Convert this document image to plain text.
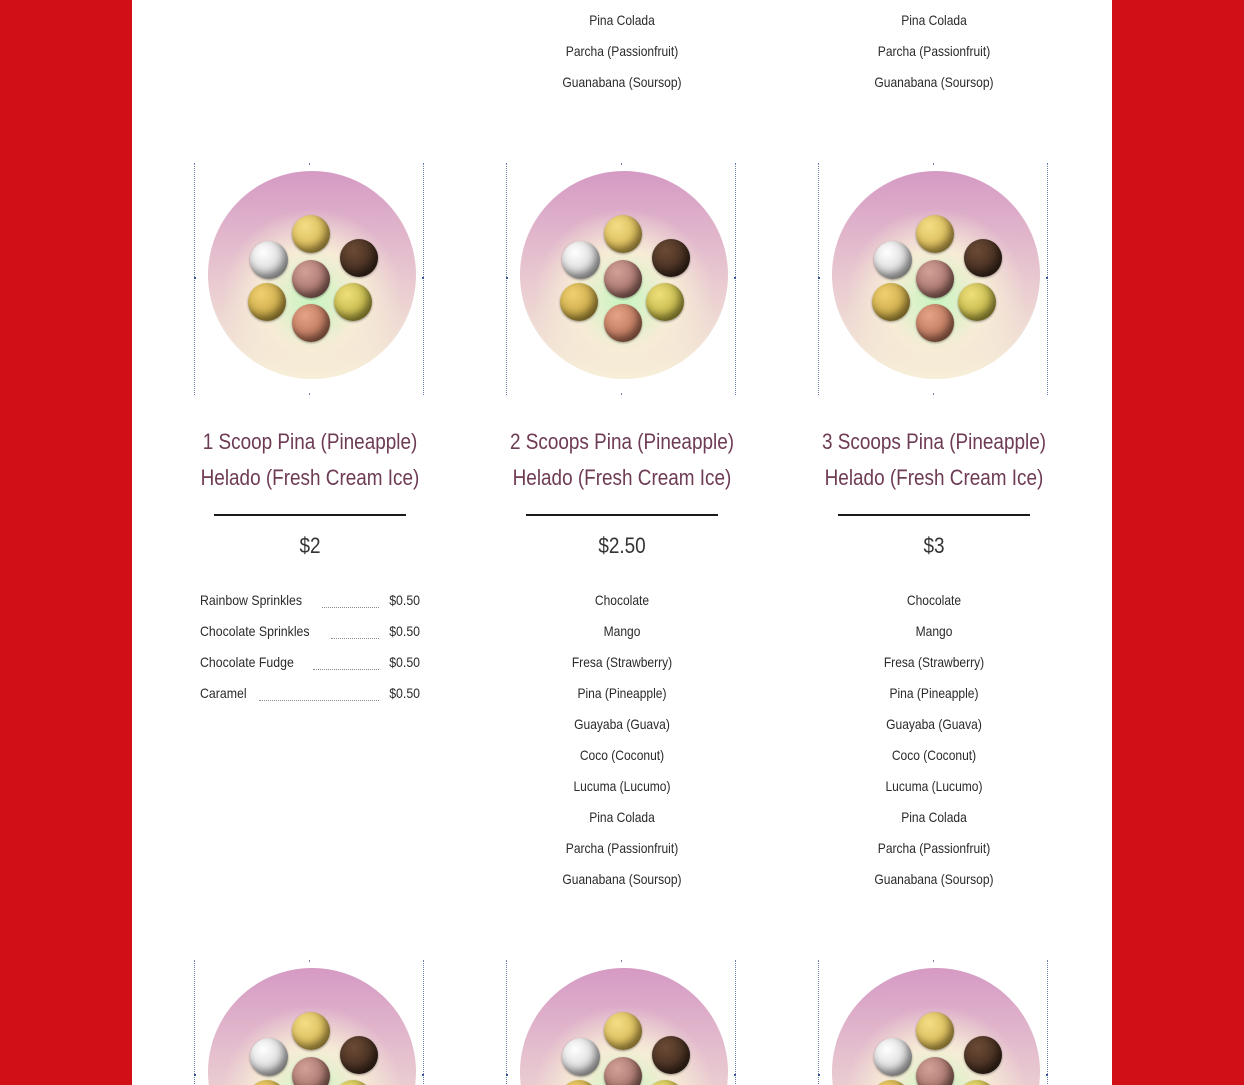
Pina Colada
Parcha (Passionfruit)
Guanabana (Soursop)
Pina Colada
Parcha (Passionfruit)
Guanabana (Soursop)
1 Scoop Pina (Pineapple)
Helado (Fresh Cream Ice)
2 Scoops Pina (Pineapple)
Helado (Fresh Cream Ice)
3 Scoops Pina (Pineapple)
Helado (Fresh Cream Ice)
$2	$2.50	$3
Rainbow Sprinkles	$0.50
Chocolate Sprinkles	$0.50
Chocolate Fudge	$0.50
Caramel	$0.50
Chocolate
Mango
Fresa (Strawberry)
Pina (Pineapple)
Guayaba (Guava)
Coco (Coconut)
Lucuma (Lucumo)
Pina Colada
Parcha (Passionfruit)
Guanabana (Soursop)
Chocolate
Mango
Fresa (Strawberry)
Pina (Pineapple)
Guayaba (Guava)
Coco (Coconut)
Lucuma (Lucumo)
Pina Colada
Parcha (Passionfruit)
Guanabana (Soursop)
